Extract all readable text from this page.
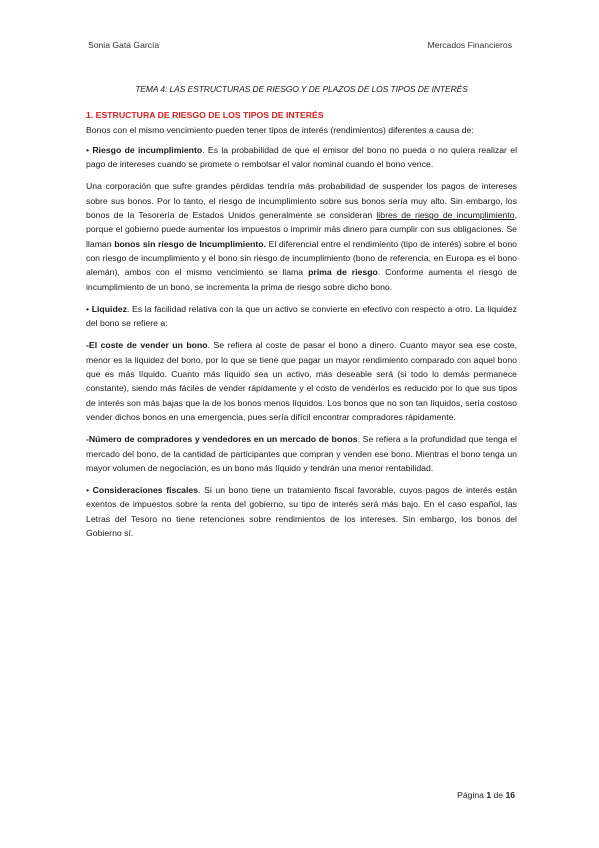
Sonia Gata García	Mercados Financieros
TEMA 4: LAS ESTRUCTURAS DE RIESGO Y DE PLAZOS DE LOS TIPOS DE INTERÉS
1. ESTRUCTURA DE RIESGO DE LOS TIPOS DE INTERÉS

Bonos con el mismo vencimiento pueden tener tipos de interés (rendimientos) diferentes a causa de:

• Riesgo de incumplimiento. Es la probabilidad de que el emisor del bono no pueda o no quiera realizar el pago de intereses cuando se promete o rembolsar el valor nominal cuando el bono vence.

Una corporación que sufre grandes pérdidas tendría más probabilidad de suspender los pagos de intereses sobre sus bonos. Por lo tanto, el riesgo de incumplimiento sobre sus bonos sería muy alto. Sin embargo, los bonos de la Tesorería de Estados Unidos generalmente se consideran libres de riesgo de incumplimiento, porque el gobierno puede aumentar los impuestos o imprimir más dinero para cumplir con sus obligaciones. Se llaman bonos sin riesgo de Incumplimiento. El diferencial entre el rendimiento (tipo de interés) sobre el bono con riesgo de incumplimiento y el bono sin riesgo de incumplimiento (bono de referencia, en Europa es el bono alemán), ambos con el mismo vencimiento se llama prima de riesgo. Conforme aumenta el riesgo de incumplimiento de un bono, se incrementa la prima de riesgo sobre dicho bono.

• Liquidez. Es la facilidad relativa con la que un activo se convierte en efectivo con respecto a otro. La liquidez del bono se refiere a:

-El coste de vender un bono. Se refiera al coste de pasar el bono a dinero. Cuanto mayor sea ese coste, menor es la liquidez del bono, por lo que se tiene que pagar un mayor rendimiento comparado con aquel bono que es más líquido. Cuanto más líquido sea un activo, más deseable será (si todo lo demás permanece constante), siendo más fáciles de vender rápidamente y el costo de venderlos es reducido por lo que sus tipos de interés son más bajas que la de los bonos menos líquidos. Los bonos que no son tan líquidos, sería costoso vender dichos bonos en una emergencia, pues sería difícil encontrar compradores rápidamente.

-Número de compradores y vendedores en un mercado de bonos. Se refiera a la profundidad que tenga el mercado del bono, de la cantidad de participantes que compran y venden ese bono. Mientras el bono tenga un mayor volumen de negociación, es un bono más líquido y tendrán una menor rentabilidad.

• Consideraciones fiscales. Si un bono tiene un tratamiento fiscal favorable, cuyos pagos de interés están exentos de impuestos sobre la renta del gobierno, su tipo de interés será más bajo. En el caso español, las Letras del Tesoro no tiene retenciones sobre rendimientos de los intereses. Sin embargo, los bonos del Gobierno sí.

Página 1 de 16
